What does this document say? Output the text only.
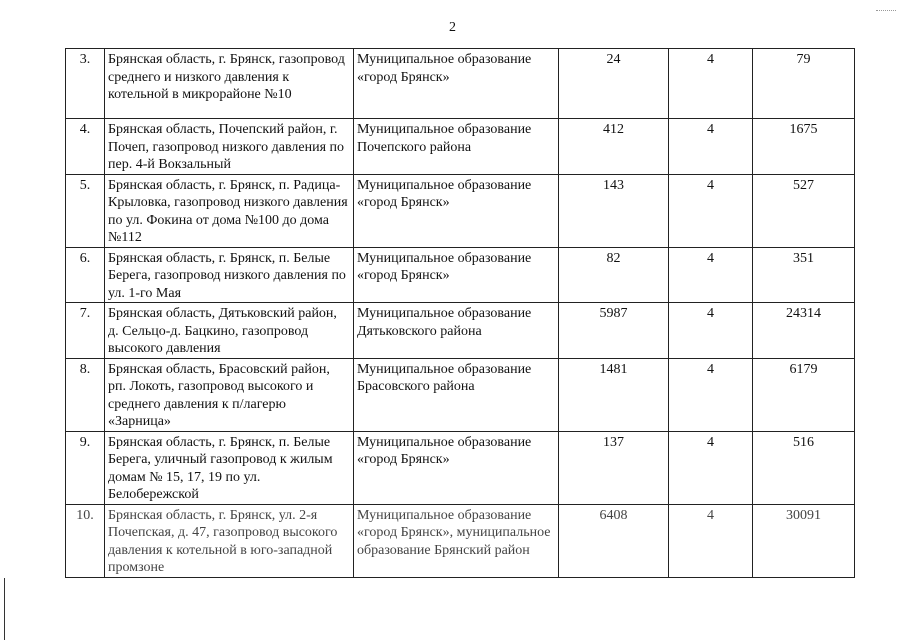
2
3.	Брянская область, г. Брянск, газопровод среднего и низкого давления к котельной в микрорайоне №10	Муниципальное образование «город Брянск»	24	4	79
4.	Брянская область, Почепский район, г. Почеп, газопровод низкого давления по пер. 4-й Вокзальный	Муниципальное образование Почепского района	412	4	1675
5.	Брянская область, г. Брянск, п. Радица-Крыловка, газопровод низкого давления по ул. Фокина от дома №100 до дома №112	Муниципальное образование «город Брянск»	143	4	527
6.	Брянская область, г. Брянск, п. Белые Берега, газопровод низкого давления по ул. 1-го Мая	Муниципальное образование «город Брянск»	82	4	351
7.	Брянская область, Дятьковский район, д. Сельцо-д. Бацкино, газопровод высокого давления	Муниципальное образование Дятьковского района	5987	4	24314
8.	Брянская область, Брасовский район, рп. Локоть, газопровод высокого и среднего давления к п/лагерю «Зарница»	Муниципальное образование Брасовского района	1481	4	6179
9.	Брянская область, г. Брянск, п. Белые Берега, уличный газопровод к жилым домам № 15, 17, 19 по ул. Белобережской	Муниципальное образование «город Брянск»	137	4	516
10.	Брянская область, г. Брянск, ул. 2-я Почепская, д. 47, газопровод высокого давления к котельной в юго-западной промзоне	Муниципальное образование «город Брянск», муниципальное образование Брянский район	6408	4	30091
